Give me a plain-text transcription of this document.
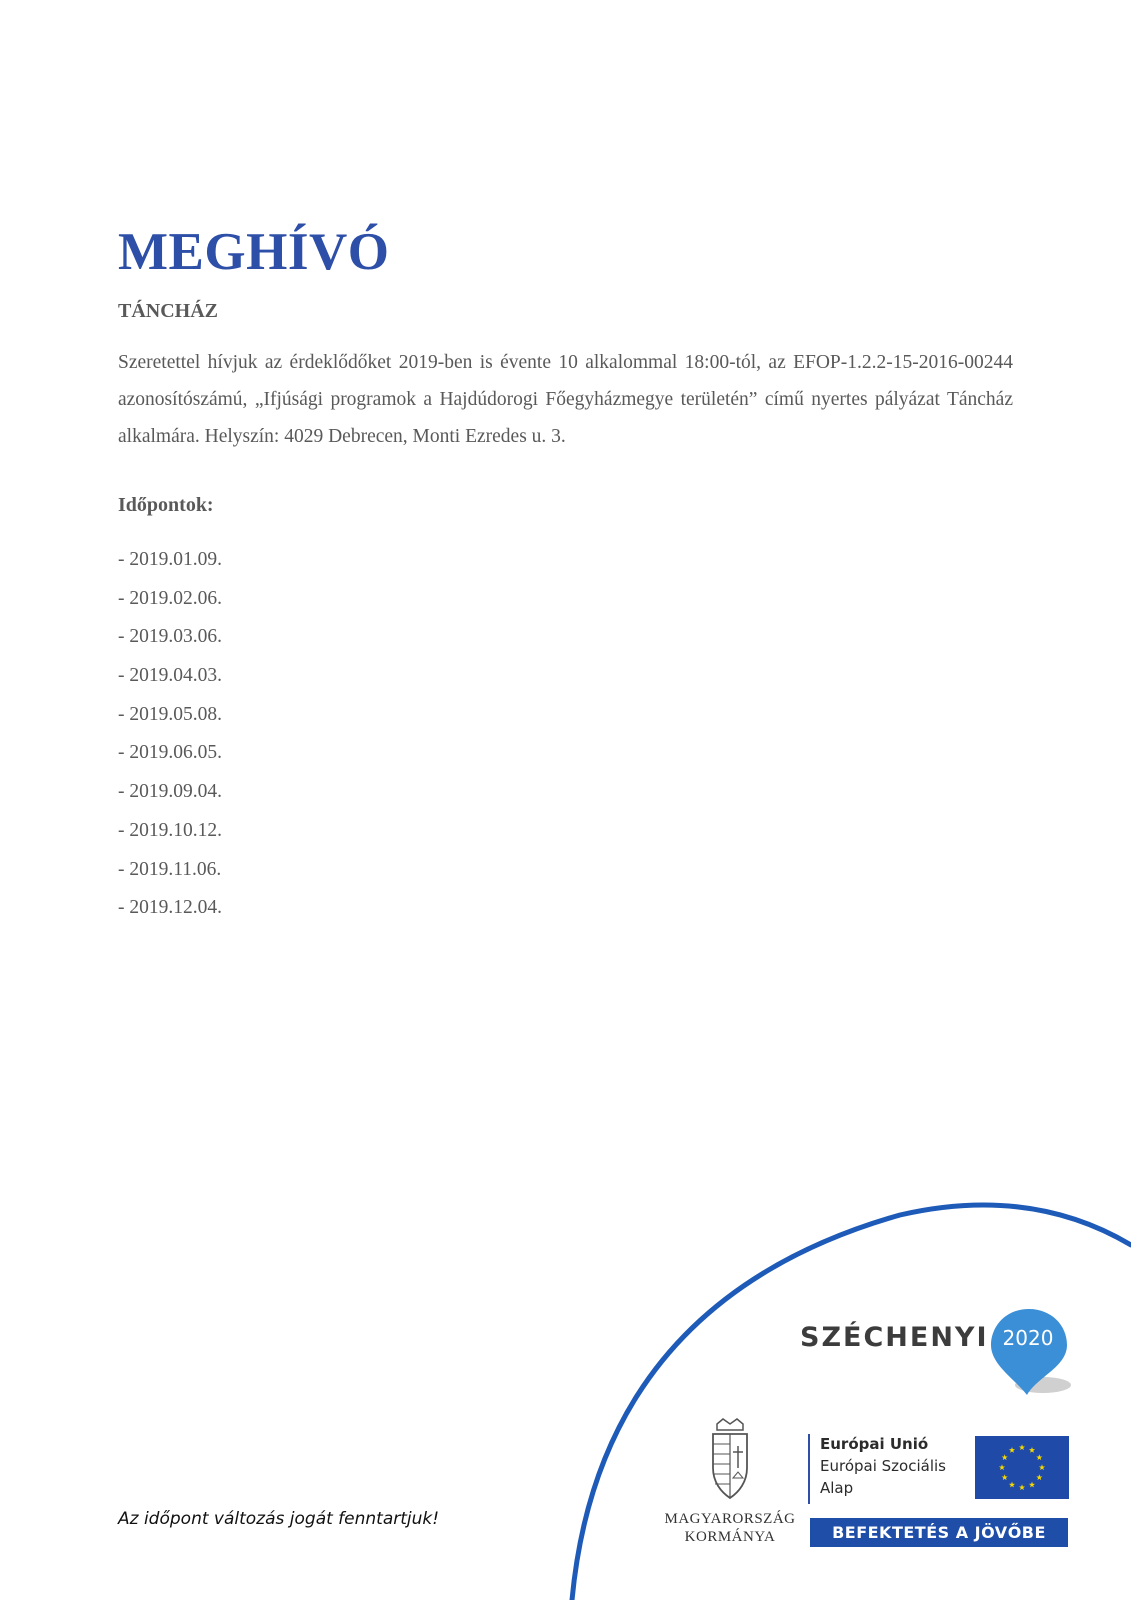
MEGHÍVÓ
TÁNCHÁZ

Szeretettel hívjuk az érdeklődőket 2019-ben is évente 10 alkalommal 18:00-tól, az EFOP-1.2.2-15-2016-00244 azonosítószámú, „Ifjúsági programok a Hajdúdorogi Főegyházmegye területén” című nyertes pályázat Táncház alkalmára. Helyszín: 4029 Debrecen, Monti Ezredes u. 3.

Időpontok:
- 2019.01.09.
- 2019.02.06.
- 2019.03.06.
- 2019.04.03.
- 2019.05.08.
- 2019.06.05.
- 2019.09.04.
- 2019.10.12.
- 2019.11.06.
- 2019.12.04.

Az időpont változás jogát fenntartjuk!

SZÉCHENYI 2020
MAGYARORSZÁG
KORMÁNYA
Európai Unió
Európai Szociális
Alap
BEFEKTETÉS A JÖVŐBE
